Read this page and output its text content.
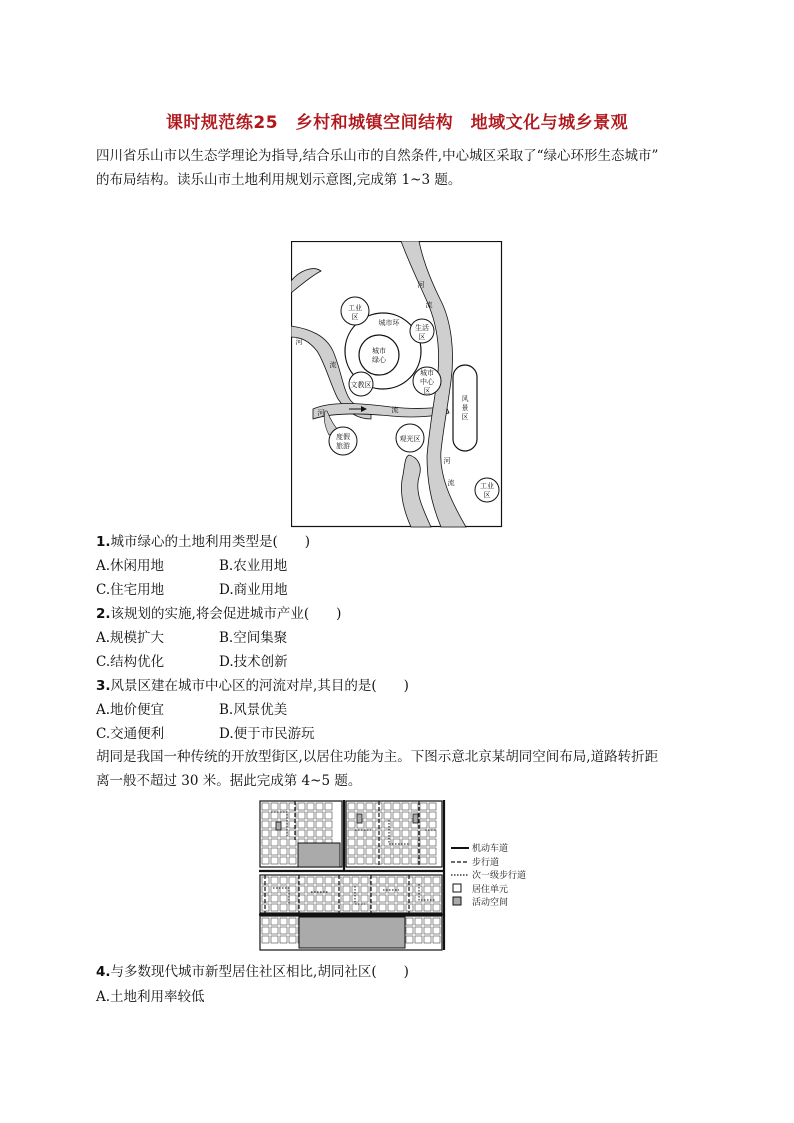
课时规范练25　乡村和城镇空间结构　地域文化与城乡景观
四川省乐山市以生态学理论为指导,结合乐山市的自然条件,中心城区采取了“绿心环形生态城市”
的布局结构。读乐山市土地利用规划示意图,完成第 1~3 题。
工业
区
城市环
生活
区
城市
绿心
文教区
城市
中心
区
风
景
区
度假
旅游
观光区
工业
区
河
流
河
流
河	流
河
流
1.城市绿心的土地利用类型是(　　)
A.休闲用地	B.农业用地
C.住宅用地	D.商业用地
2.该规划的实施,将会促进城市产业(　　)
A.规模扩大	B.空间集聚
C.结构优化	D.技术创新
3.风景区建在城市中心区的河流对岸,其目的是(　　)
A.地价便宜	B.风景优美
C.交通便利	D.便于市民游玩
胡同是我国一种传统的开放型街区,以居住功能为主。下图示意北京某胡同空间布局,道路转折距
离一般不超过 30 米。据此完成第 4~5 题。
机动车道
步行道
次一级步行道
居住单元
活动空间
4.与多数现代城市新型居住社区相比,胡同社区(　　)
A.土地利用率较低
